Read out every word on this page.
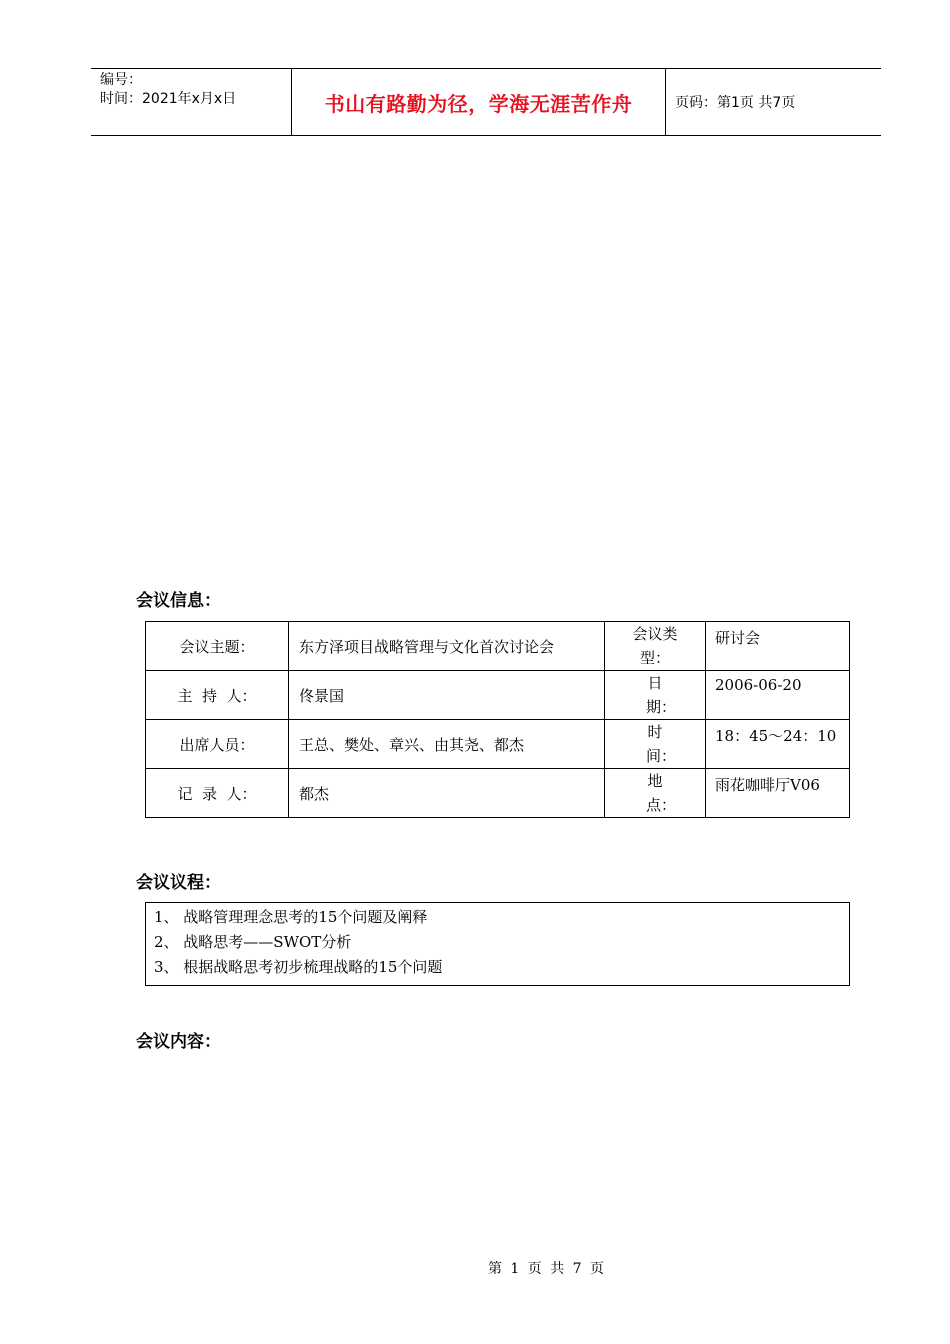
编号：
时间：2021年x月x日	书山有路勤为径，学海无涯苦作舟	页码：第1页 共7页
会议信息：
会议主题：	东方泽项目战略管理与文化首次讨论会	会议类型：	研讨会
主  持  人：	佟景国	日期：	2006-06-20
出席人员：	王总、樊处、章兴、由其尧、都杰	时间：	18：45～24：10
记  录  人：	都杰	地点：	雨花咖啡厅V06
会议议程：
1、 战略管理理念思考的15个问题及阐释
2、 战略思考——SWOT分析
3、 根据战略思考初步梳理战略的15个问题
会议内容：
第 1 页 共 7 页
